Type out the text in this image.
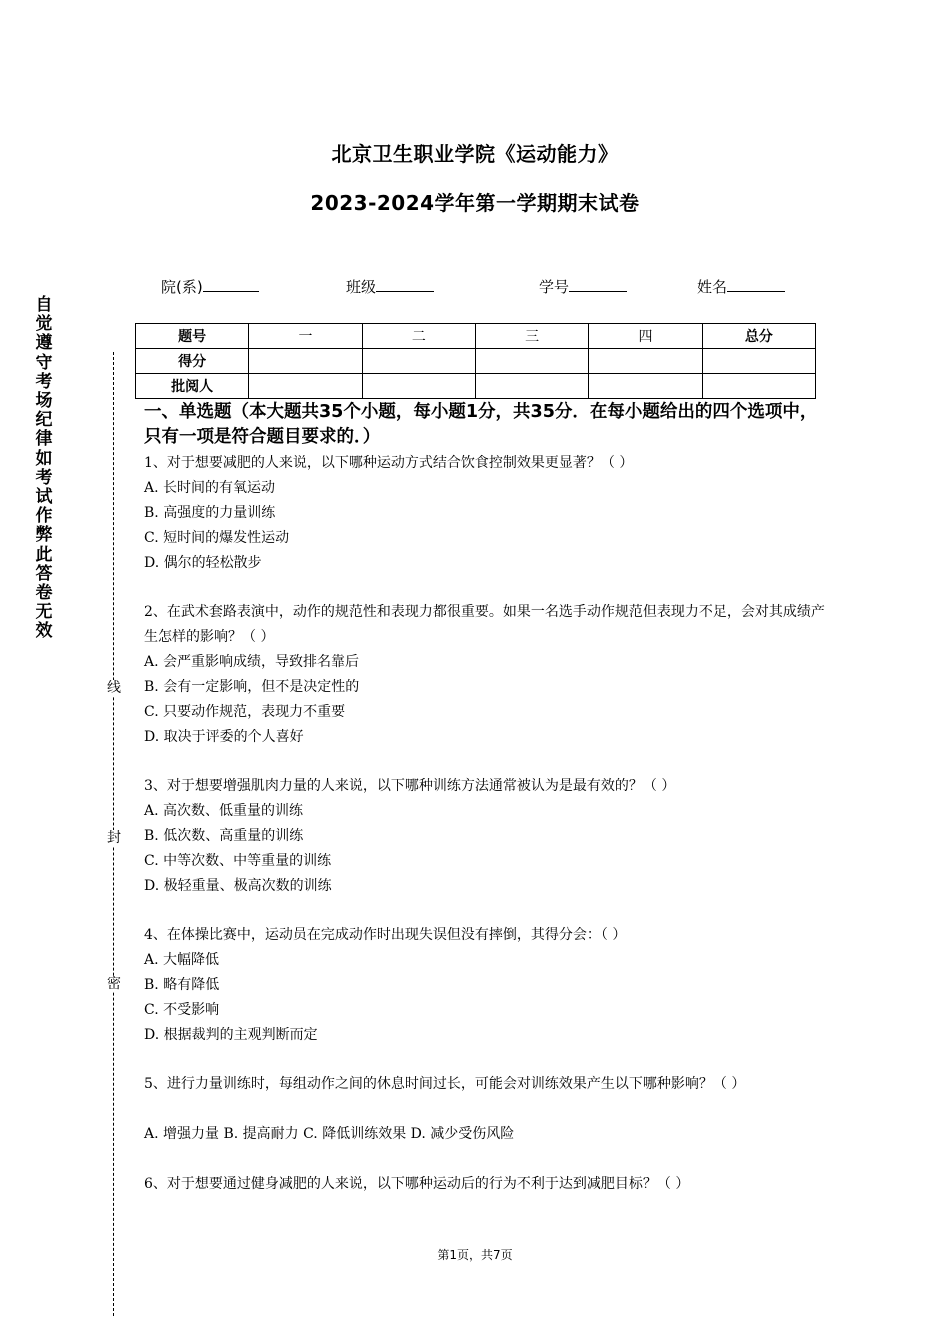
北京卫生职业学院《运动能力》
2023-2024学年第一学期期末试卷
院(系)	班级	学号	姓名
自觉遵守考场纪律如考试作弊此答卷无效
线
封
密
题号	一	二	三	四	总分
得分					
批阅人					
一、单选题（本大题共35个小题，每小题1分，共35分．在每小题给出的四个选项中，只有一项是符合题目要求的．）
1、对于想要减肥的人来说，以下哪种运动方式结合饮食控制效果更显著？（ ）
A. 长时间的有氧运动
B. 高强度的力量训练
C. 短时间的爆发性运动
D. 偶尔的轻松散步
2、在武术套路表演中，动作的规范性和表现力都很重要。如果一名选手动作规范但表现力不足，会对其成绩产生怎样的影响？（ ）
A. 会严重影响成绩，导致排名靠后
B. 会有一定影响，但不是决定性的
C. 只要动作规范，表现力不重要
D. 取决于评委的个人喜好
3、对于想要增强肌肉力量的人来说，以下哪种训练方法通常被认为是最有效的？（ ）
A. 高次数、低重量的训练
B. 低次数、高重量的训练
C. 中等次数、中等重量的训练
D. 极轻重量、极高次数的训练
4、在体操比赛中，运动员在完成动作时出现失误但没有摔倒，其得分会：（ ）
A. 大幅降低
B. 略有降低
C. 不受影响
D. 根据裁判的主观判断而定
5、进行力量训练时，每组动作之间的休息时间过长，可能会对训练效果产生以下哪种影响？（ ）
A. 增强力量 B. 提高耐力 C. 降低训练效果 D. 减少受伤风险
6、对于想要通过健身减肥的人来说，以下哪种运动后的行为不利于达到减肥目标？（ ）
第1页，共7页
